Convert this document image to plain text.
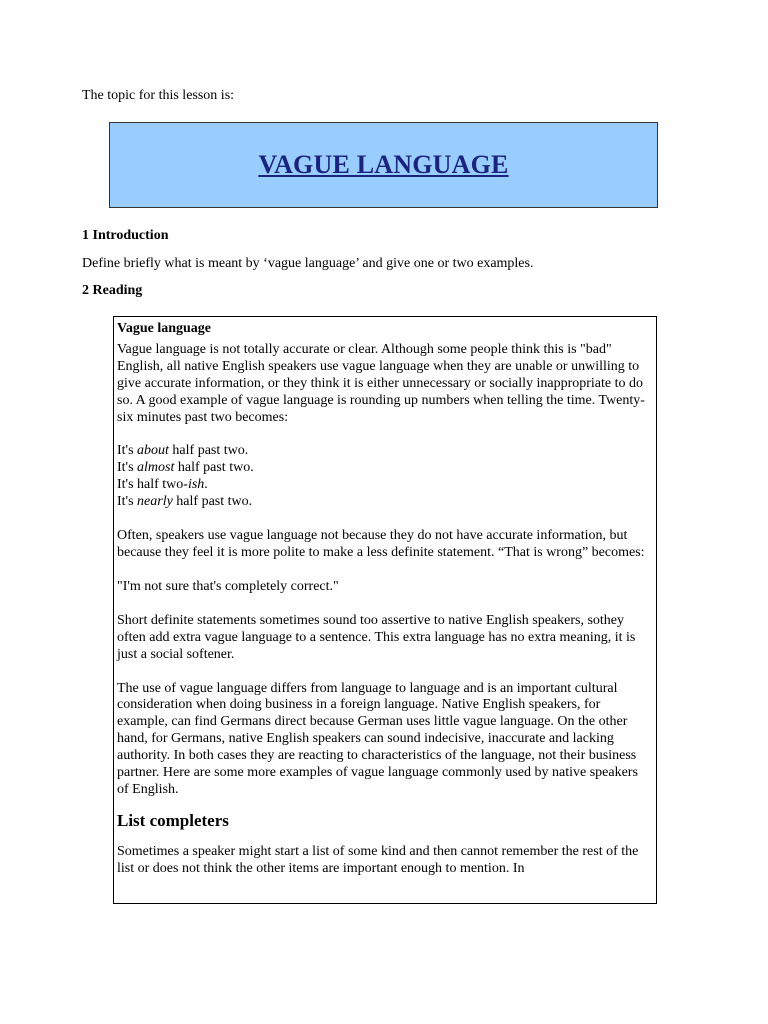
The topic for this lesson is:
VAGUE LANGUAGE
1 Introduction
Define briefly what is meant by ‘vague language’ and give one or two examples.
2 Reading
Vague language

Vague language is not totally accurate or clear. Although some people think this is "bad" English, all native English speakers use vague language when they are unable or unwilling to give accurate information, or they think it is either unnecessary or socially inappropriate to do so. A good example of vague language is rounding up numbers when telling the time. Twenty-six minutes past two becomes:

It's about half past two.
It's almost half past two.
It's half two-ish.
It's nearly half past two.

Often, speakers use vague language not because they do not have accurate information, but because they feel it is more polite to make a less definite statement. “That is wrong” becomes:

"I'm not sure that's completely correct."

Short definite statements sometimes sound too assertive to native English speakers, sothey often add extra vague language to a sentence. This extra language has no extra meaning, it is just a social softener.

The use of vague language differs from language to language and is an important cultural consideration when doing business in a foreign language. Native English speakers, for example, can find Germans direct because German uses little vague language. On the other hand, for Germans, native English speakers can sound indecisive, inaccurate and lacking authority. In both cases they are reacting to characteristics of the language, not their business partner. Here are some more examples of vague language commonly used by native speakers of English.

List completers

Sometimes a speaker might start a list of some kind and then cannot remember the rest of the list or does not think the other items are important enough to mention. In
